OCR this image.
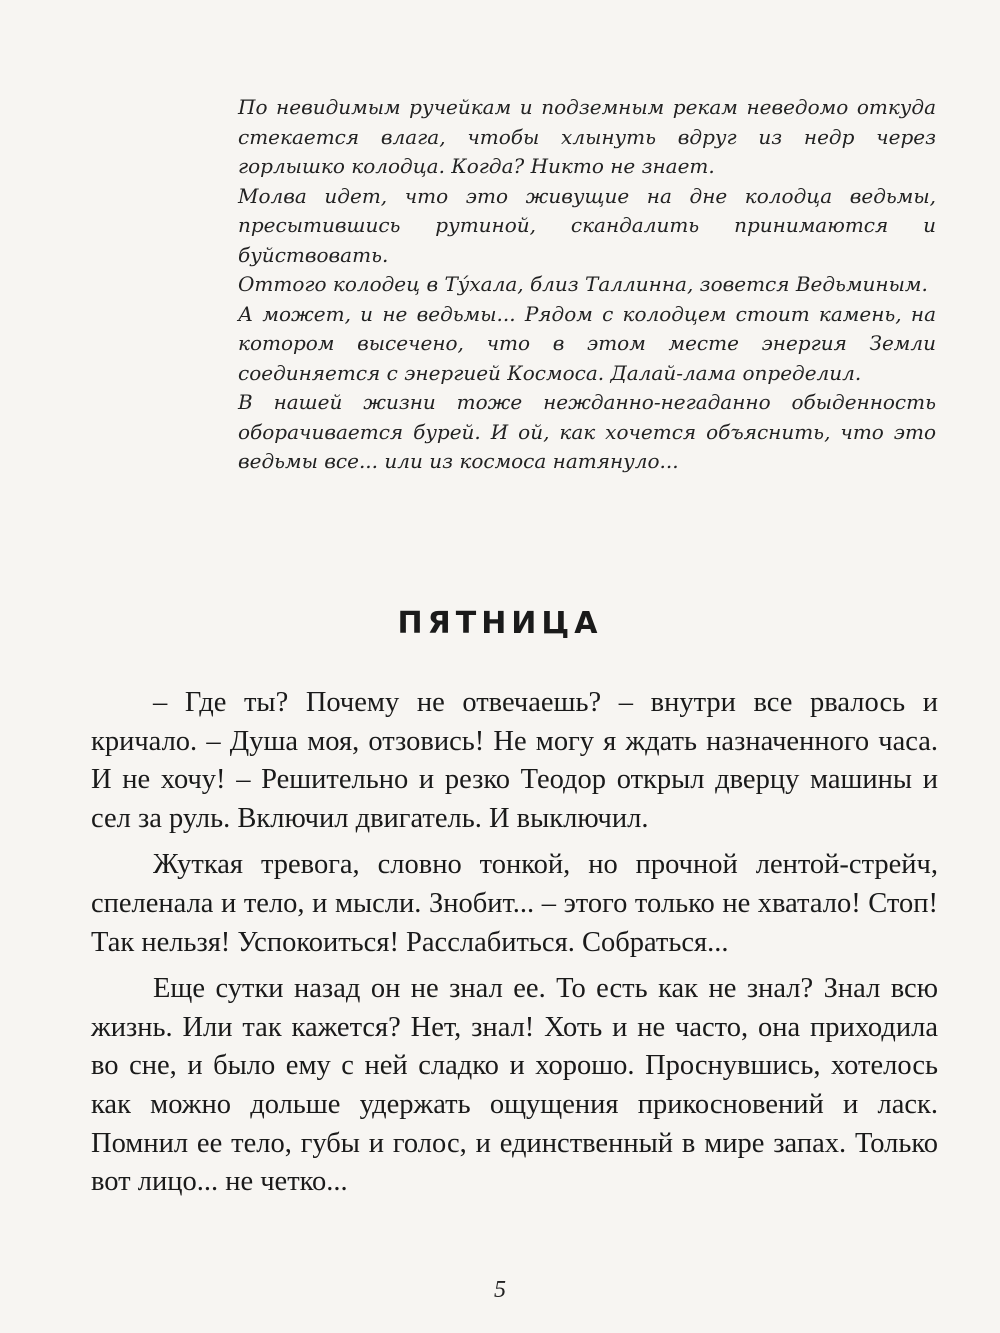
По невидимым ручейкам и подземным рекам неведомо откуда стекается влага, чтобы хлынуть вдруг из недр через горлышко колодца. Когда? Никто не знает.

Молва идет, что это живущие на дне колодца ведьмы, пресытившись рутиной, скандалить принимаются и буйствовать.

Оттого колодец в Ту́хала, близ Таллинна, зовется Ведьминым.

А может, и не ведьмы... Рядом с колодцем стоит камень, на котором высечено, что в этом месте энергия Земли соединяется с энергией Космоса. Далай-лама определил.

В нашей жизни тоже нежданно-негаданно обыденность оборачивается бурей. И ой, как хочется объяснить, что это ведьмы все... или из космоса натянуло...

ПЯТНИЦА

– Где ты? Почему не отвечаешь? – внутри все рвалось и кричало. – Душа моя, отзовись! Не могу я ждать назначенного часа. И не хочу! – Решительно и резко Теодор открыл дверцу машины и сел за руль. Включил двигатель. И выключил.

Жуткая тревога, словно тонкой, но прочной лентой-стрейч, спеленала и тело, и мысли. Знобит... – этого только не хватало! Стоп! Так нельзя! Успокоиться! Расслабиться. Собраться...

Еще сутки назад он не знал ее. То есть как не знал? Знал всю жизнь. Или так кажется? Нет, знал! Хоть и не часто, она приходила во сне, и было ему с ней сладко и хорошо. Проснувшись, хотелось как можно дольше удержать ощущения прикосновений и ласк. Помнил ее тело, губы и голос, и единственный в мире запах. Только вот лицо... не четко...

5
